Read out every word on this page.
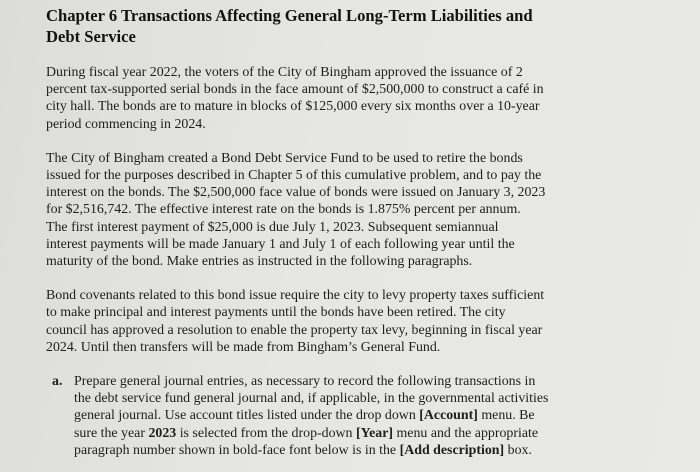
Chapter 6 Transactions Affecting General Long-Term Liabilities and
Debt Service
During fiscal year 2022, the voters of the City of Bingham approved the issuance of 2
percent tax-supported serial bonds in the face amount of $2,500,000 to construct a café in
city hall. The bonds are to mature in blocks of $125,000 every six months over a 10-year
period commencing in 2024.
The City of Bingham created a Bond Debt Service Fund to be used to retire the bonds
issued for the purposes described in Chapter 5 of this cumulative problem, and to pay the
interest on the bonds. The $2,500,000 face value of bonds were issued on January 3, 2023
for $2,516,742. The effective interest rate on the bonds is 1.875% percent per annum.
The first interest payment of $25,000 is due July 1, 2023. Subsequent semiannual
interest payments will be made January 1 and July 1 of each following year until the
maturity of the bond. Make entries as instructed in the following paragraphs.
Bond covenants related to this bond issue require the city to levy property taxes sufficient
to make principal and interest payments until the bonds have been retired. The city
council has approved a resolution to enable the property tax levy, beginning in fiscal year
2024. Until then transfers will be made from Bingham’s General Fund.
a. Prepare general journal entries, as necessary to record the following transactions in
the debt service fund general journal and, if applicable, in the governmental activities
general journal. Use account titles listed under the drop down [Account] menu. Be
sure the year 2023 is selected from the drop-down [Year] menu and the appropriate
paragraph number shown in bold-face font below is in the [Add description] box.
